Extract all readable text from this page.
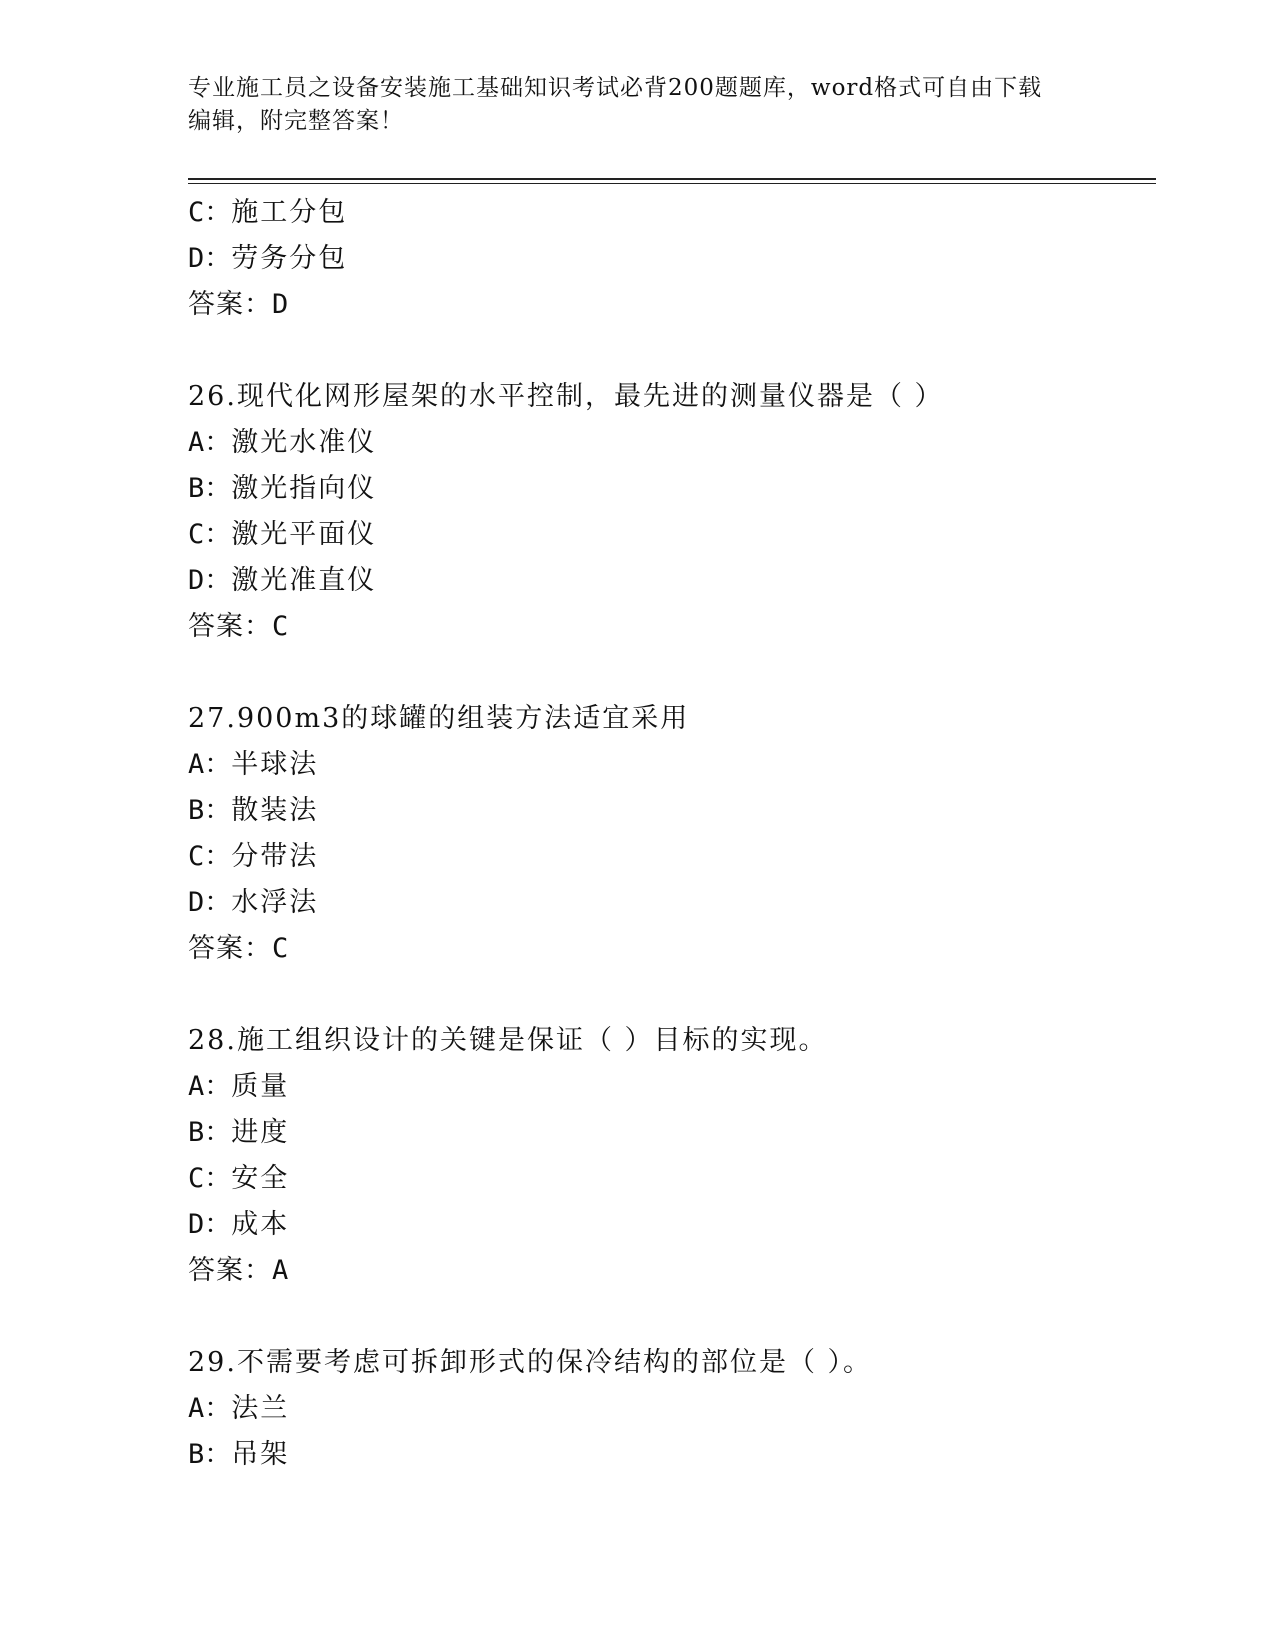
专业施工员之设备安装施工基础知识考试必背200题题库，word格式可自由下载
编辑，附完整答案！
C：施工分包
D：劳务分包
答案：D
26.现代化网形屋架的水平控制，最先进的测量仪器是（ ）
A：激光水准仪
B：激光指向仪
C：激光平面仪
D：激光准直仪
答案：C
27.900m3的球罐的组装方法适宜采用
A：半球法
B：散装法
C：分带法
D：水浮法
答案：C
28.施工组织设计的关键是保证（ ）目标的实现。
A：质量
B：进度
C：安全
D：成本
答案：A
29.不需要考虑可拆卸形式的保冷结构的部位是（ ）。
A：法兰
B：吊架
